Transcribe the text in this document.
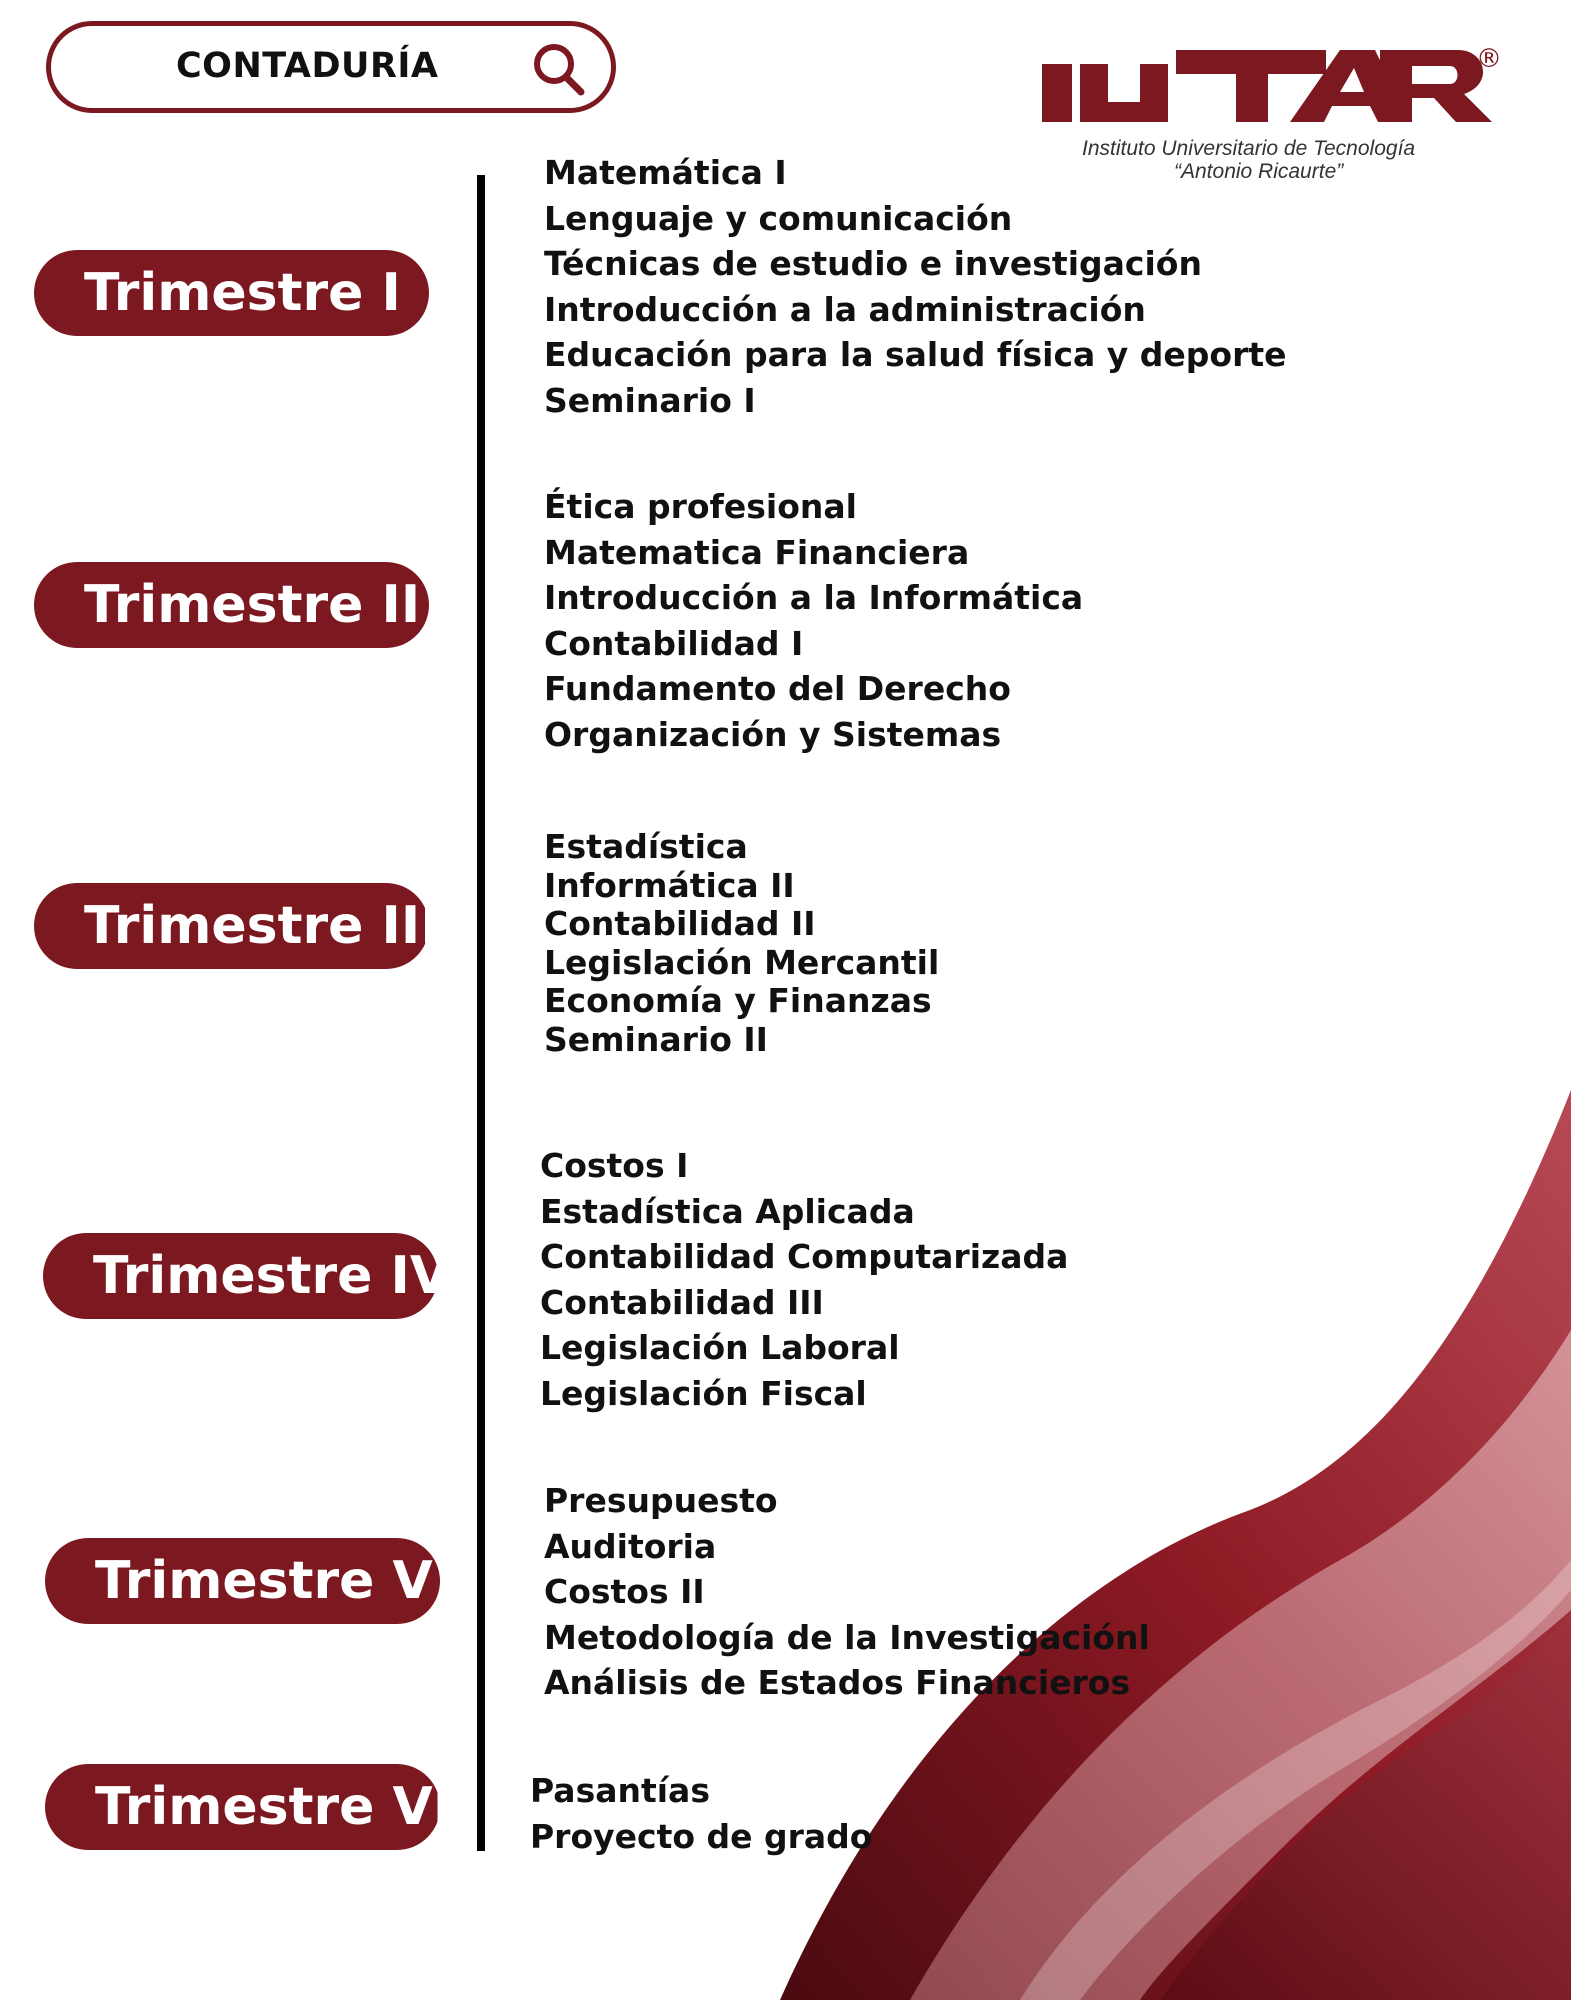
CONTADURÍA	®
Instituto Universitario de Tecnología
“Antonio Ricaurte”
Trimestre I
Trimestre II
Trimestre III
Trimestre IV
Trimestre V
Trimestre VI
Matemática I
Lenguaje y comunicación
Técnicas de estudio e investigación
Introducción a la administración
Educación para la salud física y deporte
Seminario I
Ética profesional
Matematica Financiera
Introducción a la Informática
Contabilidad I
Fundamento del Derecho
Organización y Sistemas
Estadística
Informática II
Contabilidad II
Legislación Mercantil
Economía y Finanzas
Seminario II
Costos I
Estadística Aplicada
Contabilidad Computarizada
Contabilidad III
Legislación Laboral
Legislación Fiscal
Presupuesto
Auditoria
Costos II
Metodología de la Investigaciónl
Análisis de Estados Financieros
Pasantías
Proyecto de grado
